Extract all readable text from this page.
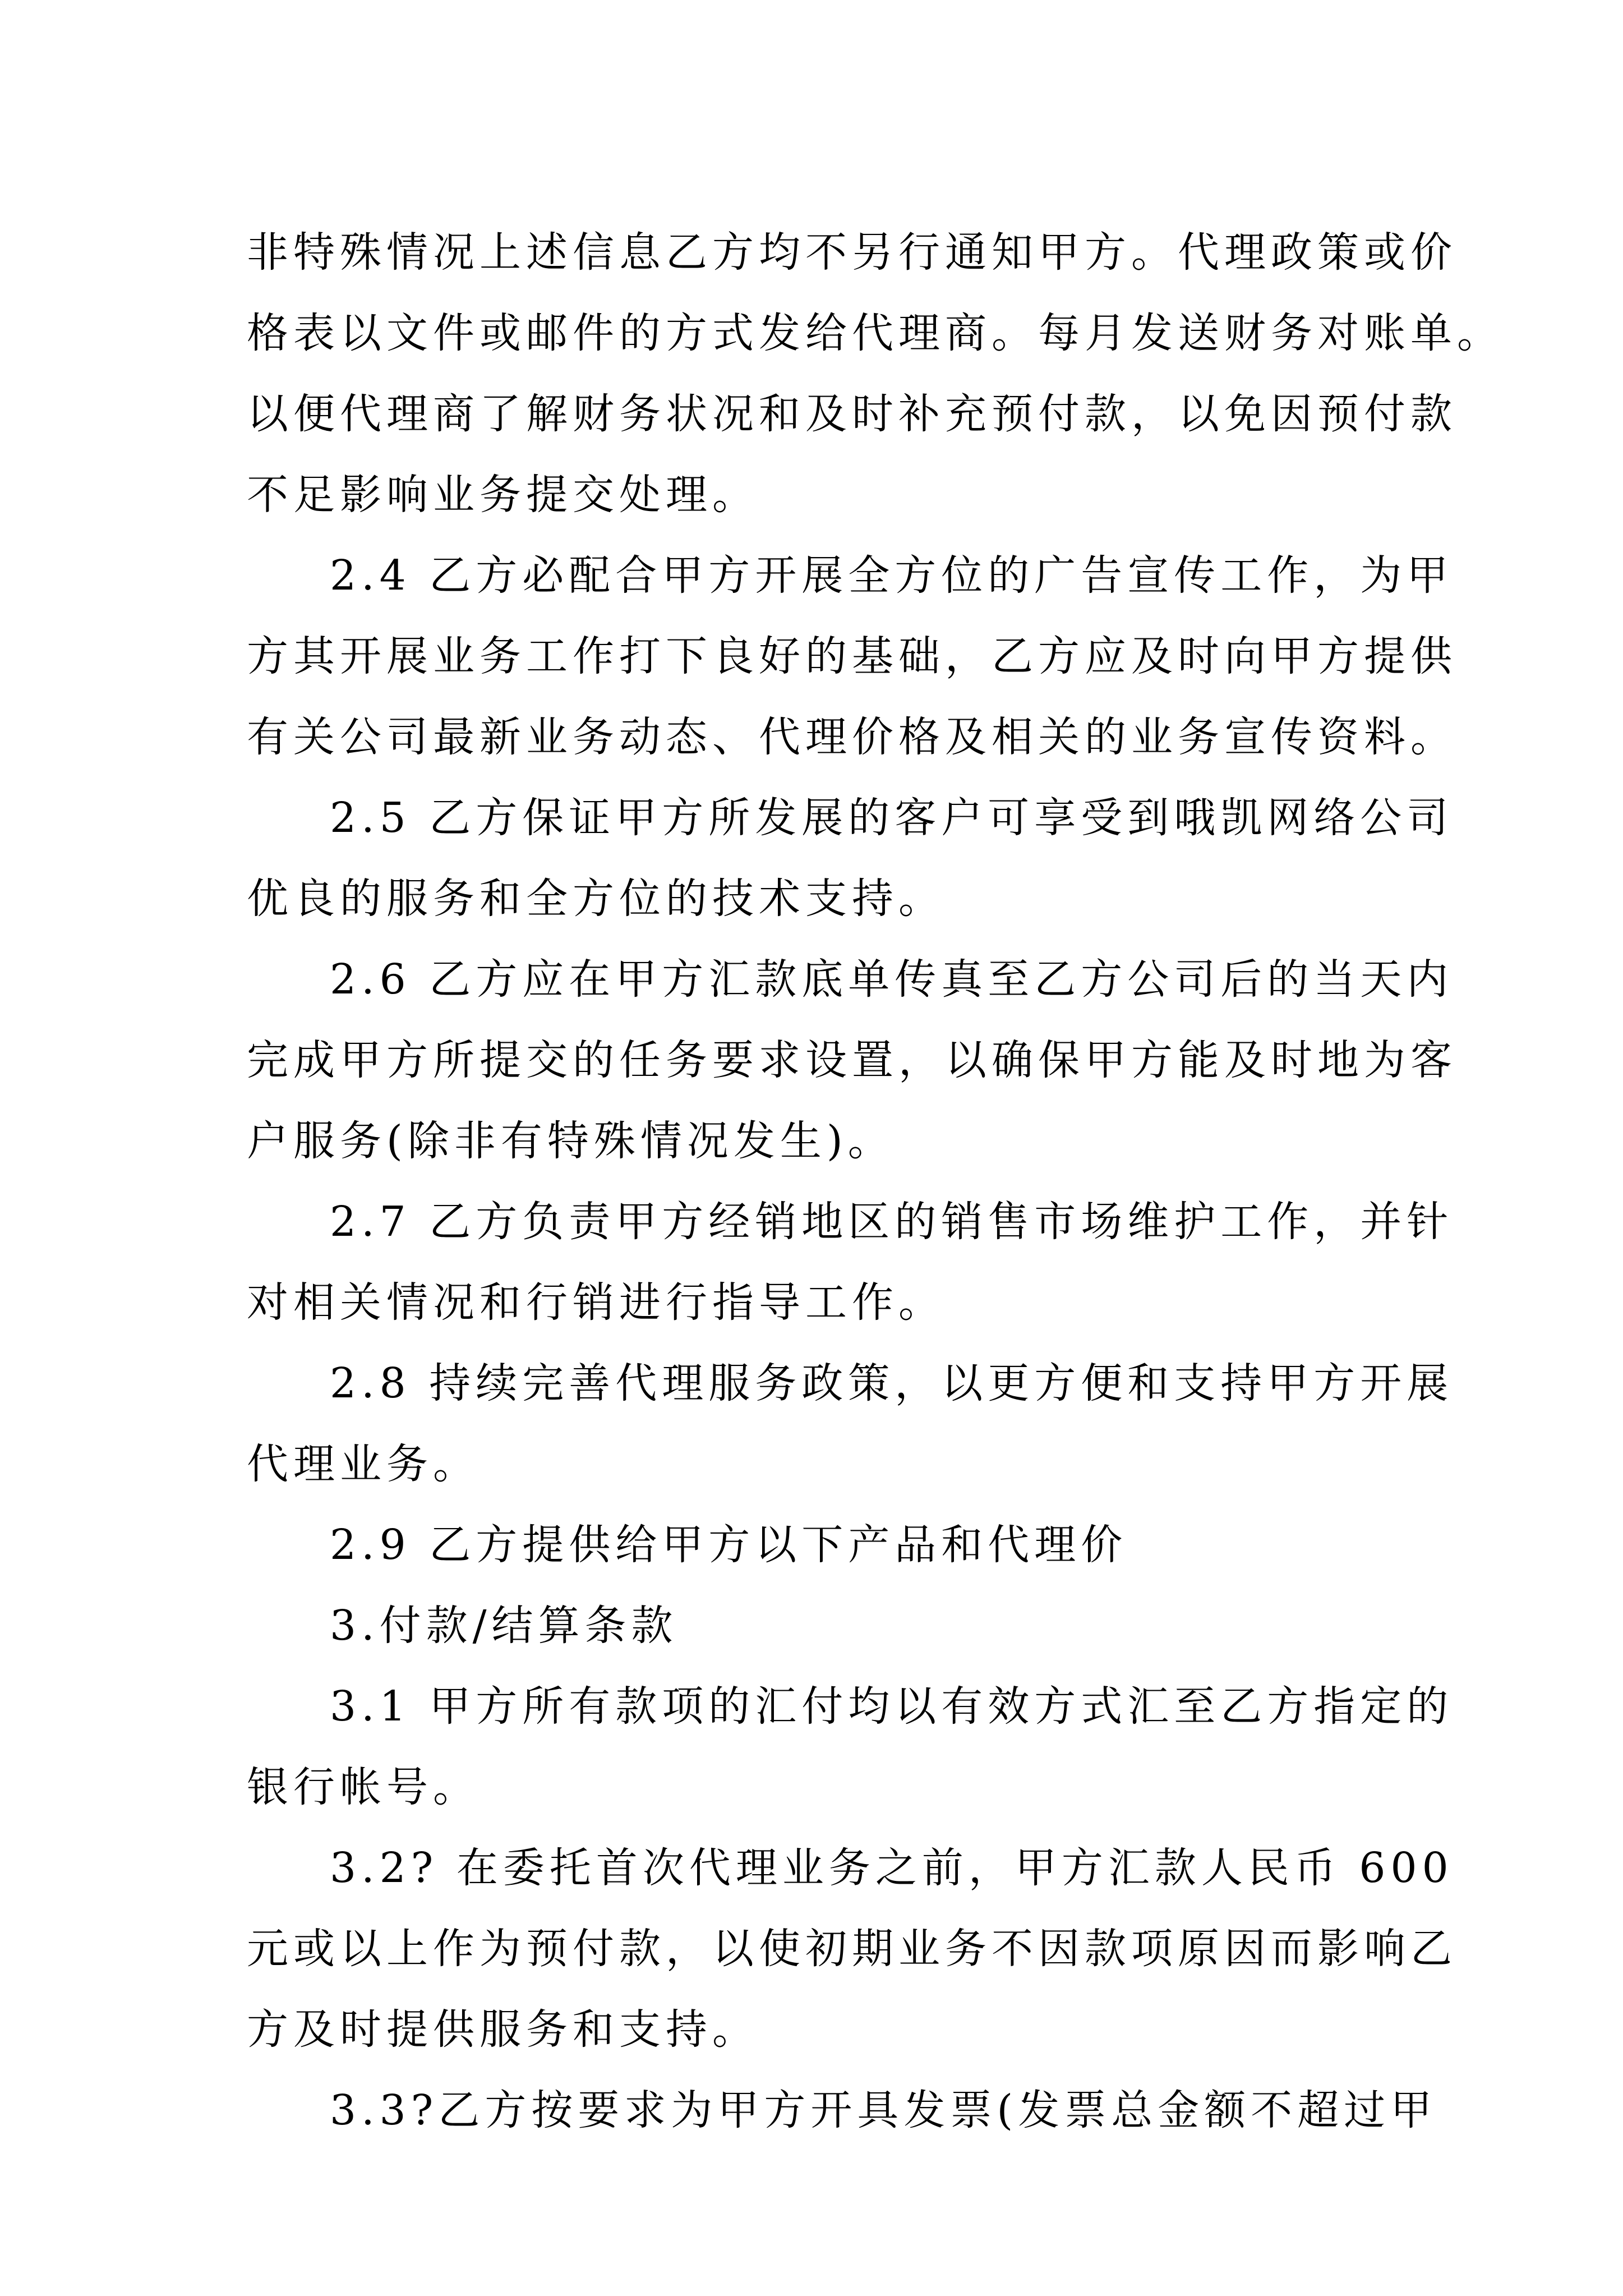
非特殊情况上述信息乙方均不另行通知甲方。代理政策或价
格表以文件或邮件的方式发给代理商。每月发送财务对账单。
以便代理商了解财务状况和及时补充预付款，以免因预付款
不足影响业务提交处理。
2.4 乙方必配合甲方开展全方位的广告宣传工作，为甲
方其开展业务工作打下良好的基础，乙方应及时向甲方提供
有关公司最新业务动态、代理价格及相关的业务宣传资料。
2.5 乙方保证甲方所发展的客户可享受到哦凯网络公司
优良的服务和全方位的技术支持。
2.6 乙方应在甲方汇款底单传真至乙方公司后的当天内
完成甲方所提交的任务要求设置，以确保甲方能及时地为客
户服务(除非有特殊情况发生)。
2.7 乙方负责甲方经销地区的销售市场维护工作，并针
对相关情况和行销进行指导工作。
2.8 持续完善代理服务政策，以更方便和支持甲方开展
代理业务。
2.9 乙方提供给甲方以下产品和代理价
3.付款/结算条款
3.1 甲方所有款项的汇付均以有效方式汇至乙方指定的
银行帐号。
3.2? 在委托首次代理业务之前，甲方汇款人民币 600
元或以上作为预付款，以使初期业务不因款项原因而影响乙
方及时提供服务和支持。
3.3?乙方按要求为甲方开具发票(发票总金额不超过甲
